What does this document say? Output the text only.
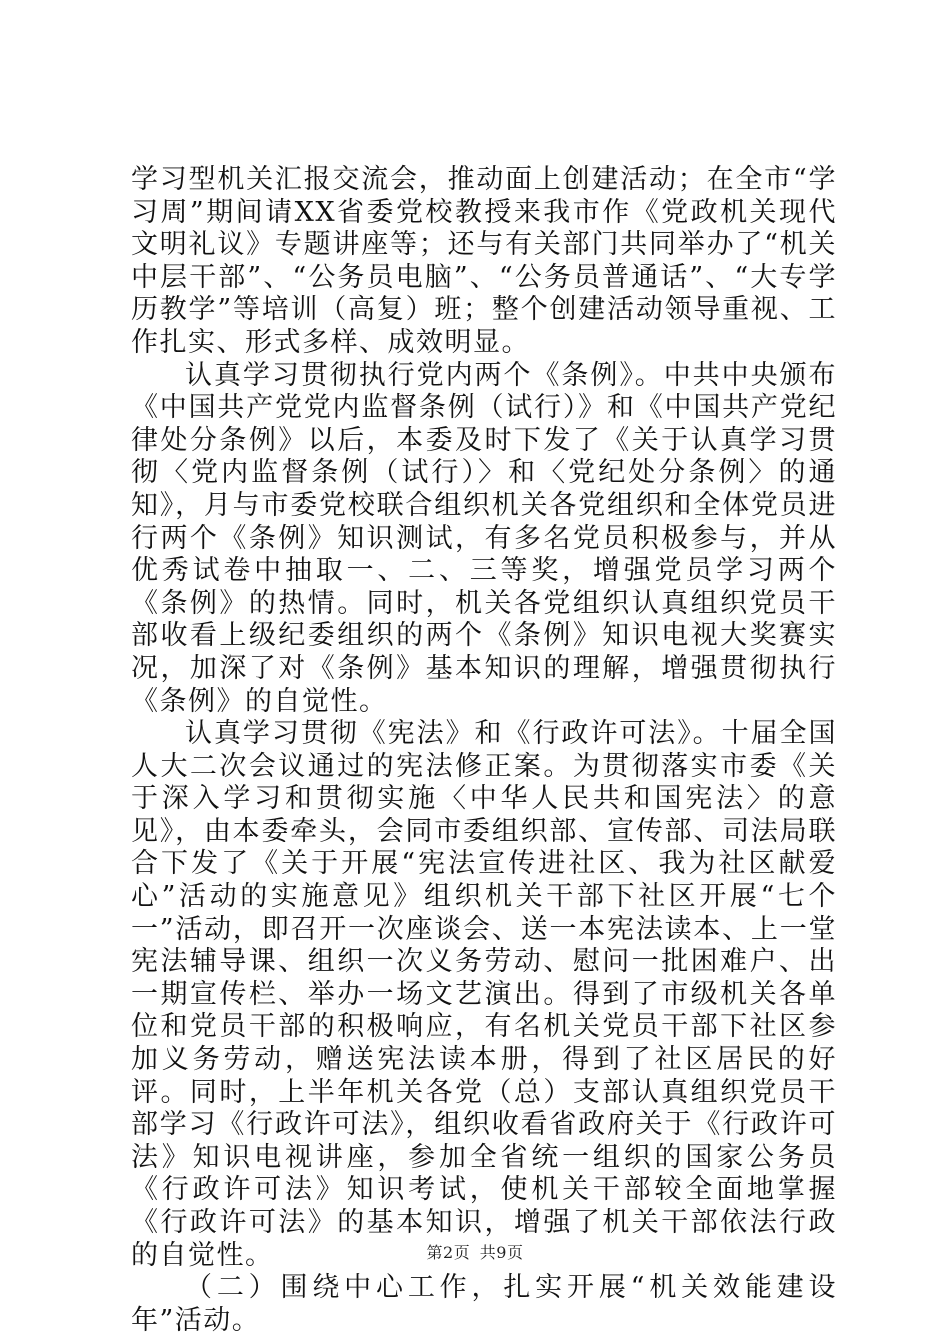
学习型机关汇报交流会，推动面上创建活动；在全市“学习周”期间请XX省委党校教授来我市作《党政机关现代文明礼议》专题讲座等；还与有关部门共同举办了“机关中层干部”、“公务员电脑”、“公务员普通话”、“大专学历教学”等培训（高复）班；整个创建活动领导重视、工作扎实、形式多样、成效明显。

认真学习贯彻执行党内两个《条例》。中共中央颁布《中国共产党党内监督条例（试行）》和《中国共产党纪律处分条例》以后，本委及时下发了《关于认真学习贯彻〈党内监督条例（试行）〉和〈党纪处分条例〉的通知》，月与市委党校联合组织机关各党组织和全体党员进行两个《条例》知识测试，有多名党员积极参与，并从优秀试卷中抽取一、二、三等奖，增强党员学习两个《条例》的热情。同时，机关各党组织认真组织党员干部收看上级纪委组织的两个《条例》知识电视大奖赛实况，加深了对《条例》基本知识的理解，增强贯彻执行《条例》的自觉性。

认真学习贯彻《宪法》和《行政许可法》。十届全国人大二次会议通过的宪法修正案。为贯彻落实市委《关于深入学习和贯彻实施〈中华人民共和国宪法〉的意见》，由本委牵头，会同市委组织部、宣传部、司法局联合下发了《关于开展“宪法宣传进社区、我为社区献爱心”活动的实施意见》组织机关干部下社区开展“七个一”活动，即召开一次座谈会、送一本宪法读本、上一堂宪法辅导课、组织一次义务劳动、慰问一批困难户、出一期宣传栏、举办一场文艺演出。得到了市级机关各单位和党员干部的积极响应，有名机关党员干部下社区参加义务劳动，赠送宪法读本册，得到了社区居民的好评。同时，上半年机关各党（总）支部认真组织党员干部学习《行政许可法》，组织收看省政府关于《行政许可法》知识电视讲座，参加全省统一组织的国家公务员《行政许可法》知识考试，使机关干部较全面地掌握《行政许可法》的基本知识，增强了机关干部依法行政的自觉性。

（二）围绕中心工作，扎实开展“机关效能建设年”活动。

第2页 共9页
